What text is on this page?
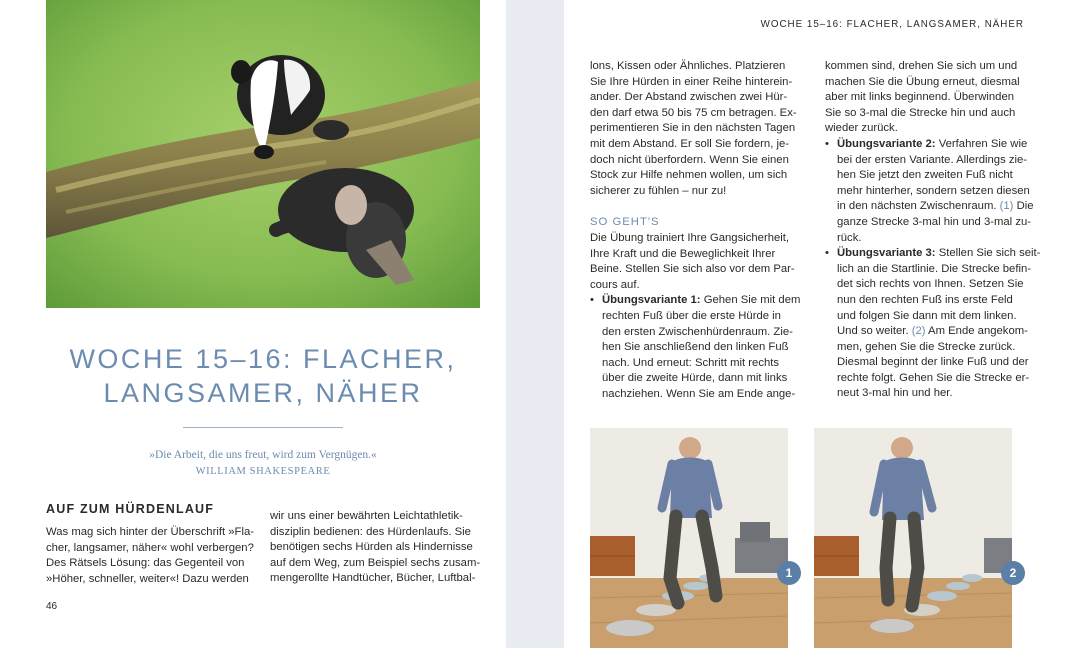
WOCHE 15–16: FLACHER,
LANGSAMER, NÄHER
»Die Arbeit, die uns freut, wird zum Vergnügen.«
WILLIAM SHAKESPEARE
AUF ZUM HÜRDENLAUF
Was mag sich hinter der Überschrift »Fla-
cher, langsamer, näher« wohl verbergen?
Des Rätsels Lösung: das Gegenteil von
»Höher, schneller, weiter«! Dazu werden
wir uns einer bewährten Leichtathletik-
disziplin bedienen: des Hürdenlaufs. Sie
benötigen sechs Hürden als Hindernisse
auf dem Weg, zum Beispiel sechs zusam-
mengerollte Handtücher, Bücher, Luftbal-
46
WOCHE 15–16: FLACHER, LANGSAMER, NÄHER
lons, Kissen oder Ähnliches. Platzieren
Sie Ihre Hürden in einer Reihe hinterein-
ander. Der Abstand zwischen zwei Hür-
den darf etwa 50 bis 75 cm betragen. Ex-
perimentieren Sie in den nächsten Tagen
mit dem Abstand. Er soll Sie fordern, je-
doch nicht überfordern. Wenn Sie einen
Stock zur Hilfe nehmen wollen, um sich
sicherer zu fühlen – nur zu!
SO GEHT'S
Die Übung trainiert Ihre Gangsicherheit,
Ihre Kraft und die Beweglichkeit Ihrer
Beine. Stellen Sie sich also vor dem Par-
cours auf.
• Übungsvariante 1: Gehen Sie mit dem
rechten Fuß über die erste Hürde in
den ersten Zwischenhürdenraum. Zie-
hen Sie anschließend den linken Fuß
nach. Und erneut: Schritt mit rechts
über die zweite Hürde, dann mit links
nachziehen. Wenn Sie am Ende ange-
kommen sind, drehen Sie sich um und
machen Sie die Übung erneut, diesmal
aber mit links beginnend. Überwinden
Sie so 3-mal die Strecke hin und auch
wieder zurück.
• Übungsvariante 2: Verfahren Sie wie
bei der ersten Variante. Allerdings zie-
hen Sie jetzt den zweiten Fuß nicht
mehr hinterher, sondern setzen diesen
in den nächsten Zwischenraum. (1) Die
ganze Strecke 3-mal hin und 3-mal zu-
rück.
• Übungsvariante 3: Stellen Sie sich seit-
lich an die Startlinie. Die Strecke befin-
det sich rechts von Ihnen. Setzen Sie
nun den rechten Fuß ins erste Feld
und folgen Sie dann mit dem linken.
Und so weiter. (2) Am Ende angekom-
men, gehen Sie die Strecke zurück.
Diesmal beginnt der linke Fuß und der
rechte folgt. Gehen Sie die Strecke er-
neut 3-mal hin und her.
1	2
